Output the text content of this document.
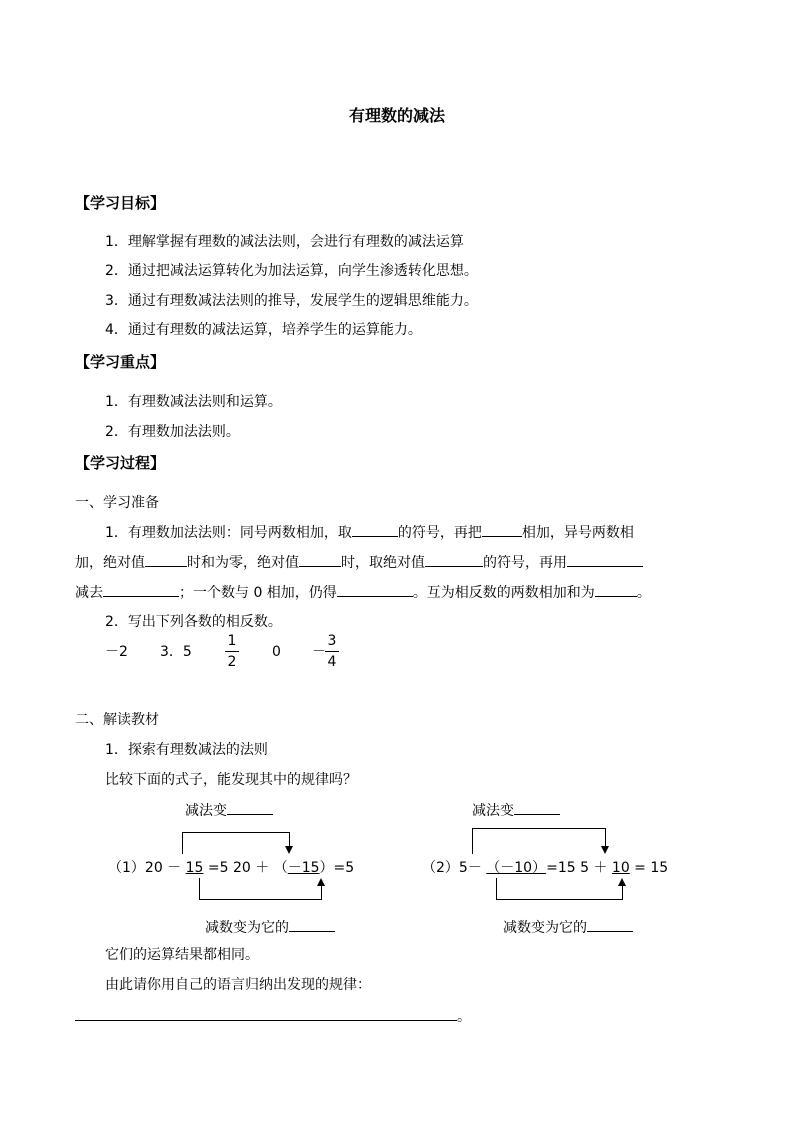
有理数的减法
【学习目标】
1．理解掌握有理数的减法法则，会进行有理数的减法运算
2．通过把减法运算转化为加法运算，向学生渗透转化思想。
3．通过有理数减法法则的推导，发展学生的逻辑思维能力。
4．通过有理数的减法运算，培养学生的运算能力。
【学习重点】
1．有理数减法法则和运算。
2．有理数加法法则。
【学习过程】
一、学习准备
1．有理数加法法则：同号两数相加，取	的符号，再把	相加，异号两数相
加，绝对值	时和为零，绝对值	时，取绝对值	的符号，再用
减去	；一个数与 0 相加，仍得	。互为相反数的两数相加和为	。
2．写出下列各数的相反数。
－2 3．5
1
2
0 －
3
4
二、解读教材
1．探索有理数减法的法则
比较下面的式子，能发现其中的规律吗？
减法变
（1）20 － 15 =5 20 ＋ （－15）=5
减数变为它的
减法变
（2）5－ （－10）=15 5 ＋ 10 = 15
减数变为它的
它们的运算结果都相同。
由此请你用自己的语言归纳出发现的规律：
。
